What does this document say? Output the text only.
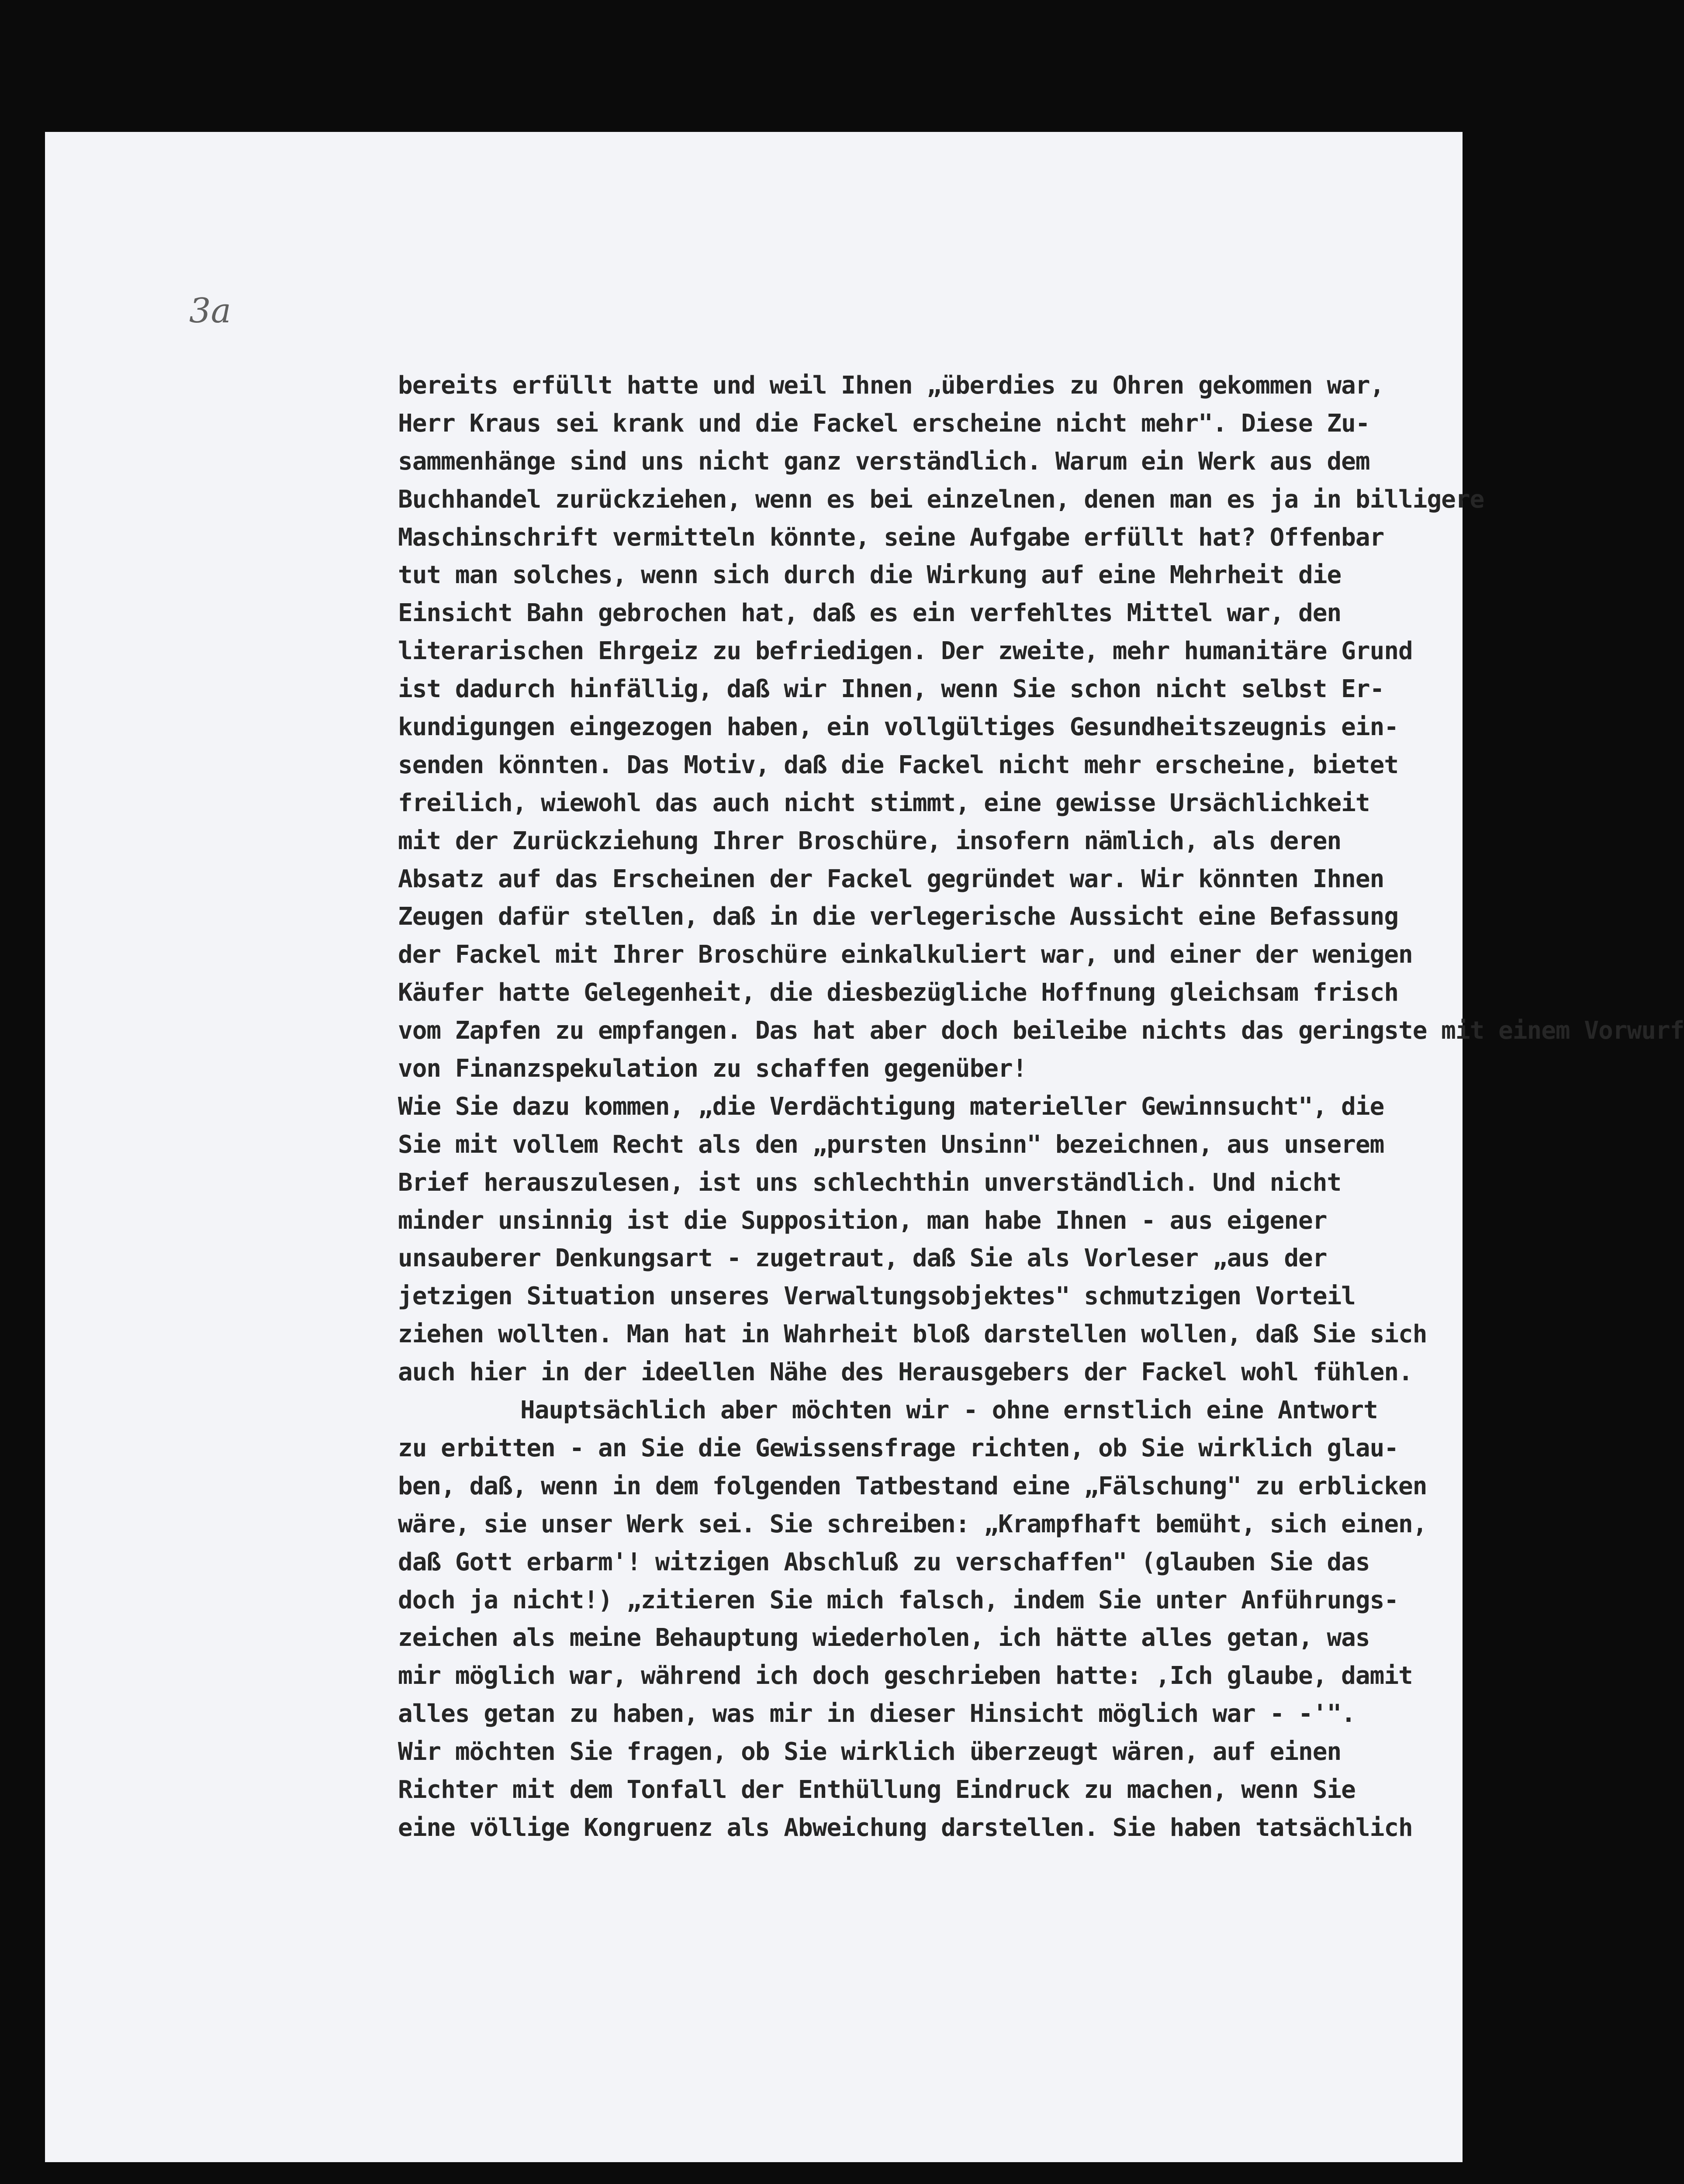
3a
bereits erfüllt hatte und weil Ihnen „überdies zu Ohren gekommen war,
Herr Kraus sei krank und die Fackel erscheine nicht mehr". Diese Zu-
sammenhänge sind uns nicht ganz verständlich. Warum ein Werk aus dem
Buchhandel zurückziehen, wenn es bei einzelnen, denen man es ja in billigere
Maschinschrift vermitteln könnte, seine Aufgabe erfüllt hat? Offenbar
tut man solches, wenn sich durch die Wirkung auf eine Mehrheit die
Einsicht Bahn gebrochen hat, daß es ein verfehltes Mittel war, den
literarischen Ehrgeiz zu befriedigen. Der zweite, mehr humanitäre Grund
ist dadurch hinfällig, daß wir Ihnen, wenn Sie schon nicht selbst Er-
kundigungen eingezogen haben, ein vollgültiges Gesundheitszeugnis ein-
senden könnten. Das Motiv, daß die Fackel nicht mehr erscheine, bietet
freilich, wiewohl das auch nicht stimmt, eine gewisse Ursächlichkeit
mit der Zurückziehung Ihrer Broschüre, insofern nämlich, als deren
Absatz auf das Erscheinen der Fackel gegründet war. Wir könnten Ihnen
Zeugen dafür stellen, daß in die verlegerische Aussicht eine Befassung
der Fackel mit Ihrer Broschüre einkalkuliert war, und einer der wenigen
Käufer hatte Gelegenheit, die diesbezügliche Hoffnung gleichsam frisch
vom Zapfen zu empfangen. Das hat aber doch beileibe nichts das geringste mit einem Vorwurf
von Finanzspekulation zu schaffen gegenüber!
Wie Sie dazu kommen, „die Verdächtigung materieller Gewinnsucht", die
Sie mit vollem Recht als den „pursten Unsinn" bezeichnen, aus unserem
Brief herauszulesen, ist uns schlechthin unverständlich. Und nicht
minder unsinnig ist die Supposition, man habe Ihnen - aus eigener
unsauberer Denkungsart - zugetraut, daß Sie als Vorleser „aus der
jetzigen Situation unseres Verwaltungsobjektes" schmutzigen Vorteil
ziehen wollten. Man hat in Wahrheit bloß darstellen wollen, daß Sie sich
auch hier in der ideellen Nähe des Herausgebers der Fackel wohl fühlen.
Hauptsächlich aber möchten wir - ohne ernstlich eine Antwort
zu erbitten - an Sie die Gewissensfrage richten, ob Sie wirklich glau-
ben, daß, wenn in dem folgenden Tatbestand eine „Fälschung" zu erblicken
wäre, sie unser Werk sei. Sie schreiben: „Krampfhaft bemüht, sich einen,
daß Gott erbarm'! witzigen Abschluß zu verschaffen" (glauben Sie das
doch ja nicht!) „zitieren Sie mich falsch, indem Sie unter Anführungs-
zeichen als meine Behauptung wiederholen, ich hätte alles getan, was
mir möglich war, während ich doch geschrieben hatte: ‚Ich glaube, damit
alles getan zu haben, was mir in dieser Hinsicht möglich war - -'".
Wir möchten Sie fragen, ob Sie wirklich überzeugt wären, auf einen
Richter mit dem Tonfall der Enthüllung Eindruck zu machen, wenn Sie
eine völlige Kongruenz als Abweichung darstellen. Sie haben tatsächlich
